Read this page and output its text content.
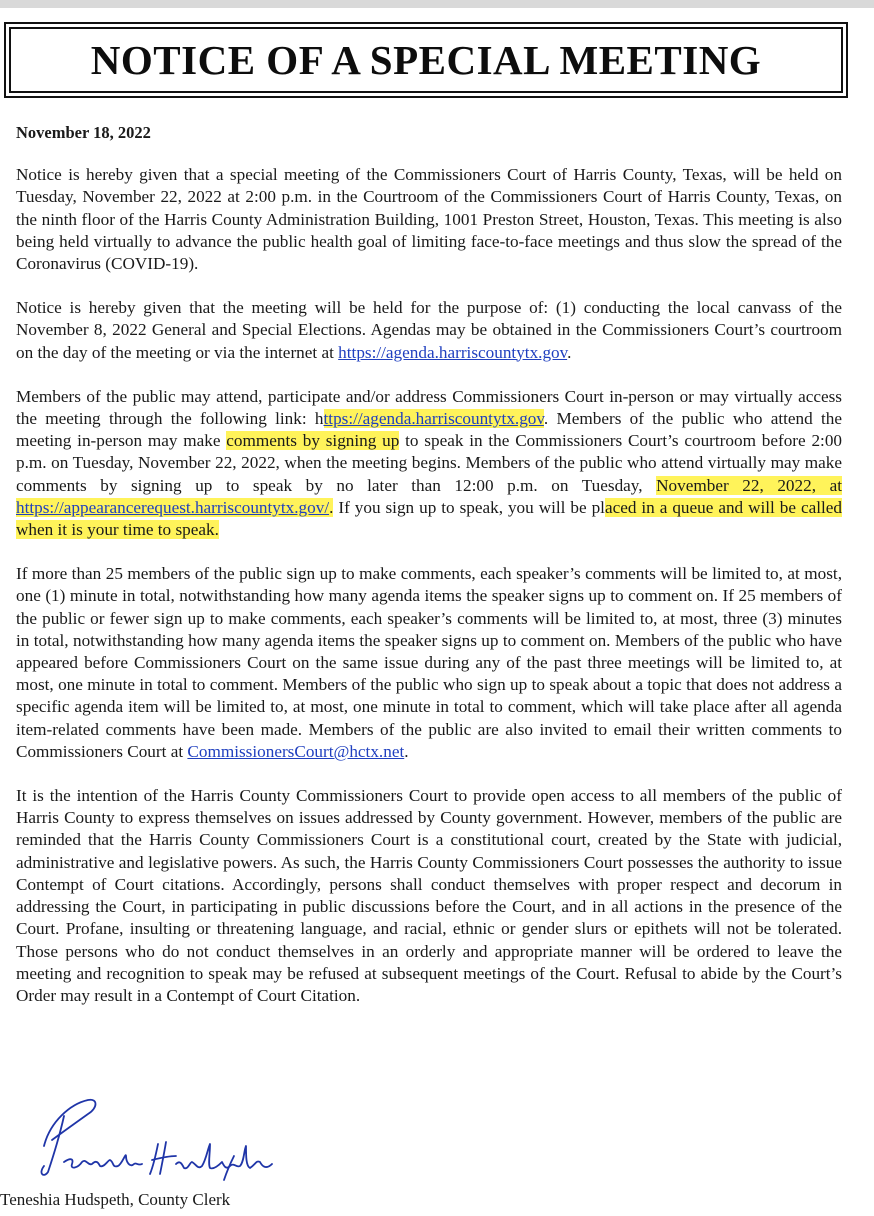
NOTICE OF A SPECIAL MEETING
November 18, 2022

Notice is hereby given that a special meeting of the Commissioners Court of Harris County, Texas, will be held on Tuesday, November 22, 2022 at 2:00 p.m. in the Courtroom of the Commissioners Court of Harris County, Texas, on the ninth floor of the Harris County Administration Building, 1001 Preston Street, Houston, Texas. This meeting is also being held virtually to advance the public health goal of limiting face-to-face meetings and thus slow the spread of the Coronavirus (COVID-19).

Notice is hereby given that the meeting will be held for the purpose of: (1) conducting the local canvass of the November 8, 2022 General and Special Elections. Agendas may be obtained in the Commissioners Court’s courtroom on the day of the meeting or via the internet at https://agenda.harriscountytx.gov.

Members of the public may attend, participate and/or address Commissioners Court in-person or may virtually access the meeting through the following link: https://agenda.harriscountytx.gov. Members of the public who attend the meeting in-person may make comments by signing up to speak in the Commissioners Court’s courtroom before 2:00 p.m. on Tuesday, November 22, 2022, when the meeting begins. Members of the public who attend virtually may make comments by signing up to speak by no later than 12:00 p.m. on Tuesday, November 22, 2022, at https://appearancerequest.harriscountytx.gov/. If you sign up to speak, you will be placed in a queue and will be called when it is your time to speak.

If more than 25 members of the public sign up to make comments, each speaker’s comments will be limited to, at most, one (1) minute in total, notwithstanding how many agenda items the speaker signs up to comment on. If 25 members of the public or fewer sign up to make comments, each speaker’s comments will be limited to, at most, three (3) minutes in total, notwithstanding how many agenda items the speaker signs up to comment on. Members of the public who have appeared before Commissioners Court on the same issue during any of the past three meetings will be limited to, at most, one minute in total to comment. Members of the public who sign up to speak about a topic that does not address a specific agenda item will be limited to, at most, one minute in total to comment, which will take place after all agenda item-related comments have been made. Members of the public are also invited to email their written comments to Commissioners Court at CommissionersCourt@hctx.net.

It is the intention of the Harris County Commissioners Court to provide open access to all members of the public of Harris County to express themselves on issues addressed by County government. However, members of the public are reminded that the Harris County Commissioners Court is a constitutional court, created by the State with judicial, administrative and legislative powers. As such, the Harris County Commissioners Court possesses the authority to issue Contempt of Court citations. Accordingly, persons shall conduct themselves with proper respect and decorum in addressing the Court, in participating in public discussions before the Court, and in all actions in the presence of the Court. Profane, insulting or threatening language, and racial, ethnic or gender slurs or epithets will not be tolerated. Those persons who do not conduct themselves in an orderly and appropriate manner will be ordered to leave the meeting and recognition to speak may be refused at subsequent meetings of the Court. Refusal to abide by the Court’s Order may result in a Contempt of Court Citation.

Teneshia Hudspeth, County Clerk
